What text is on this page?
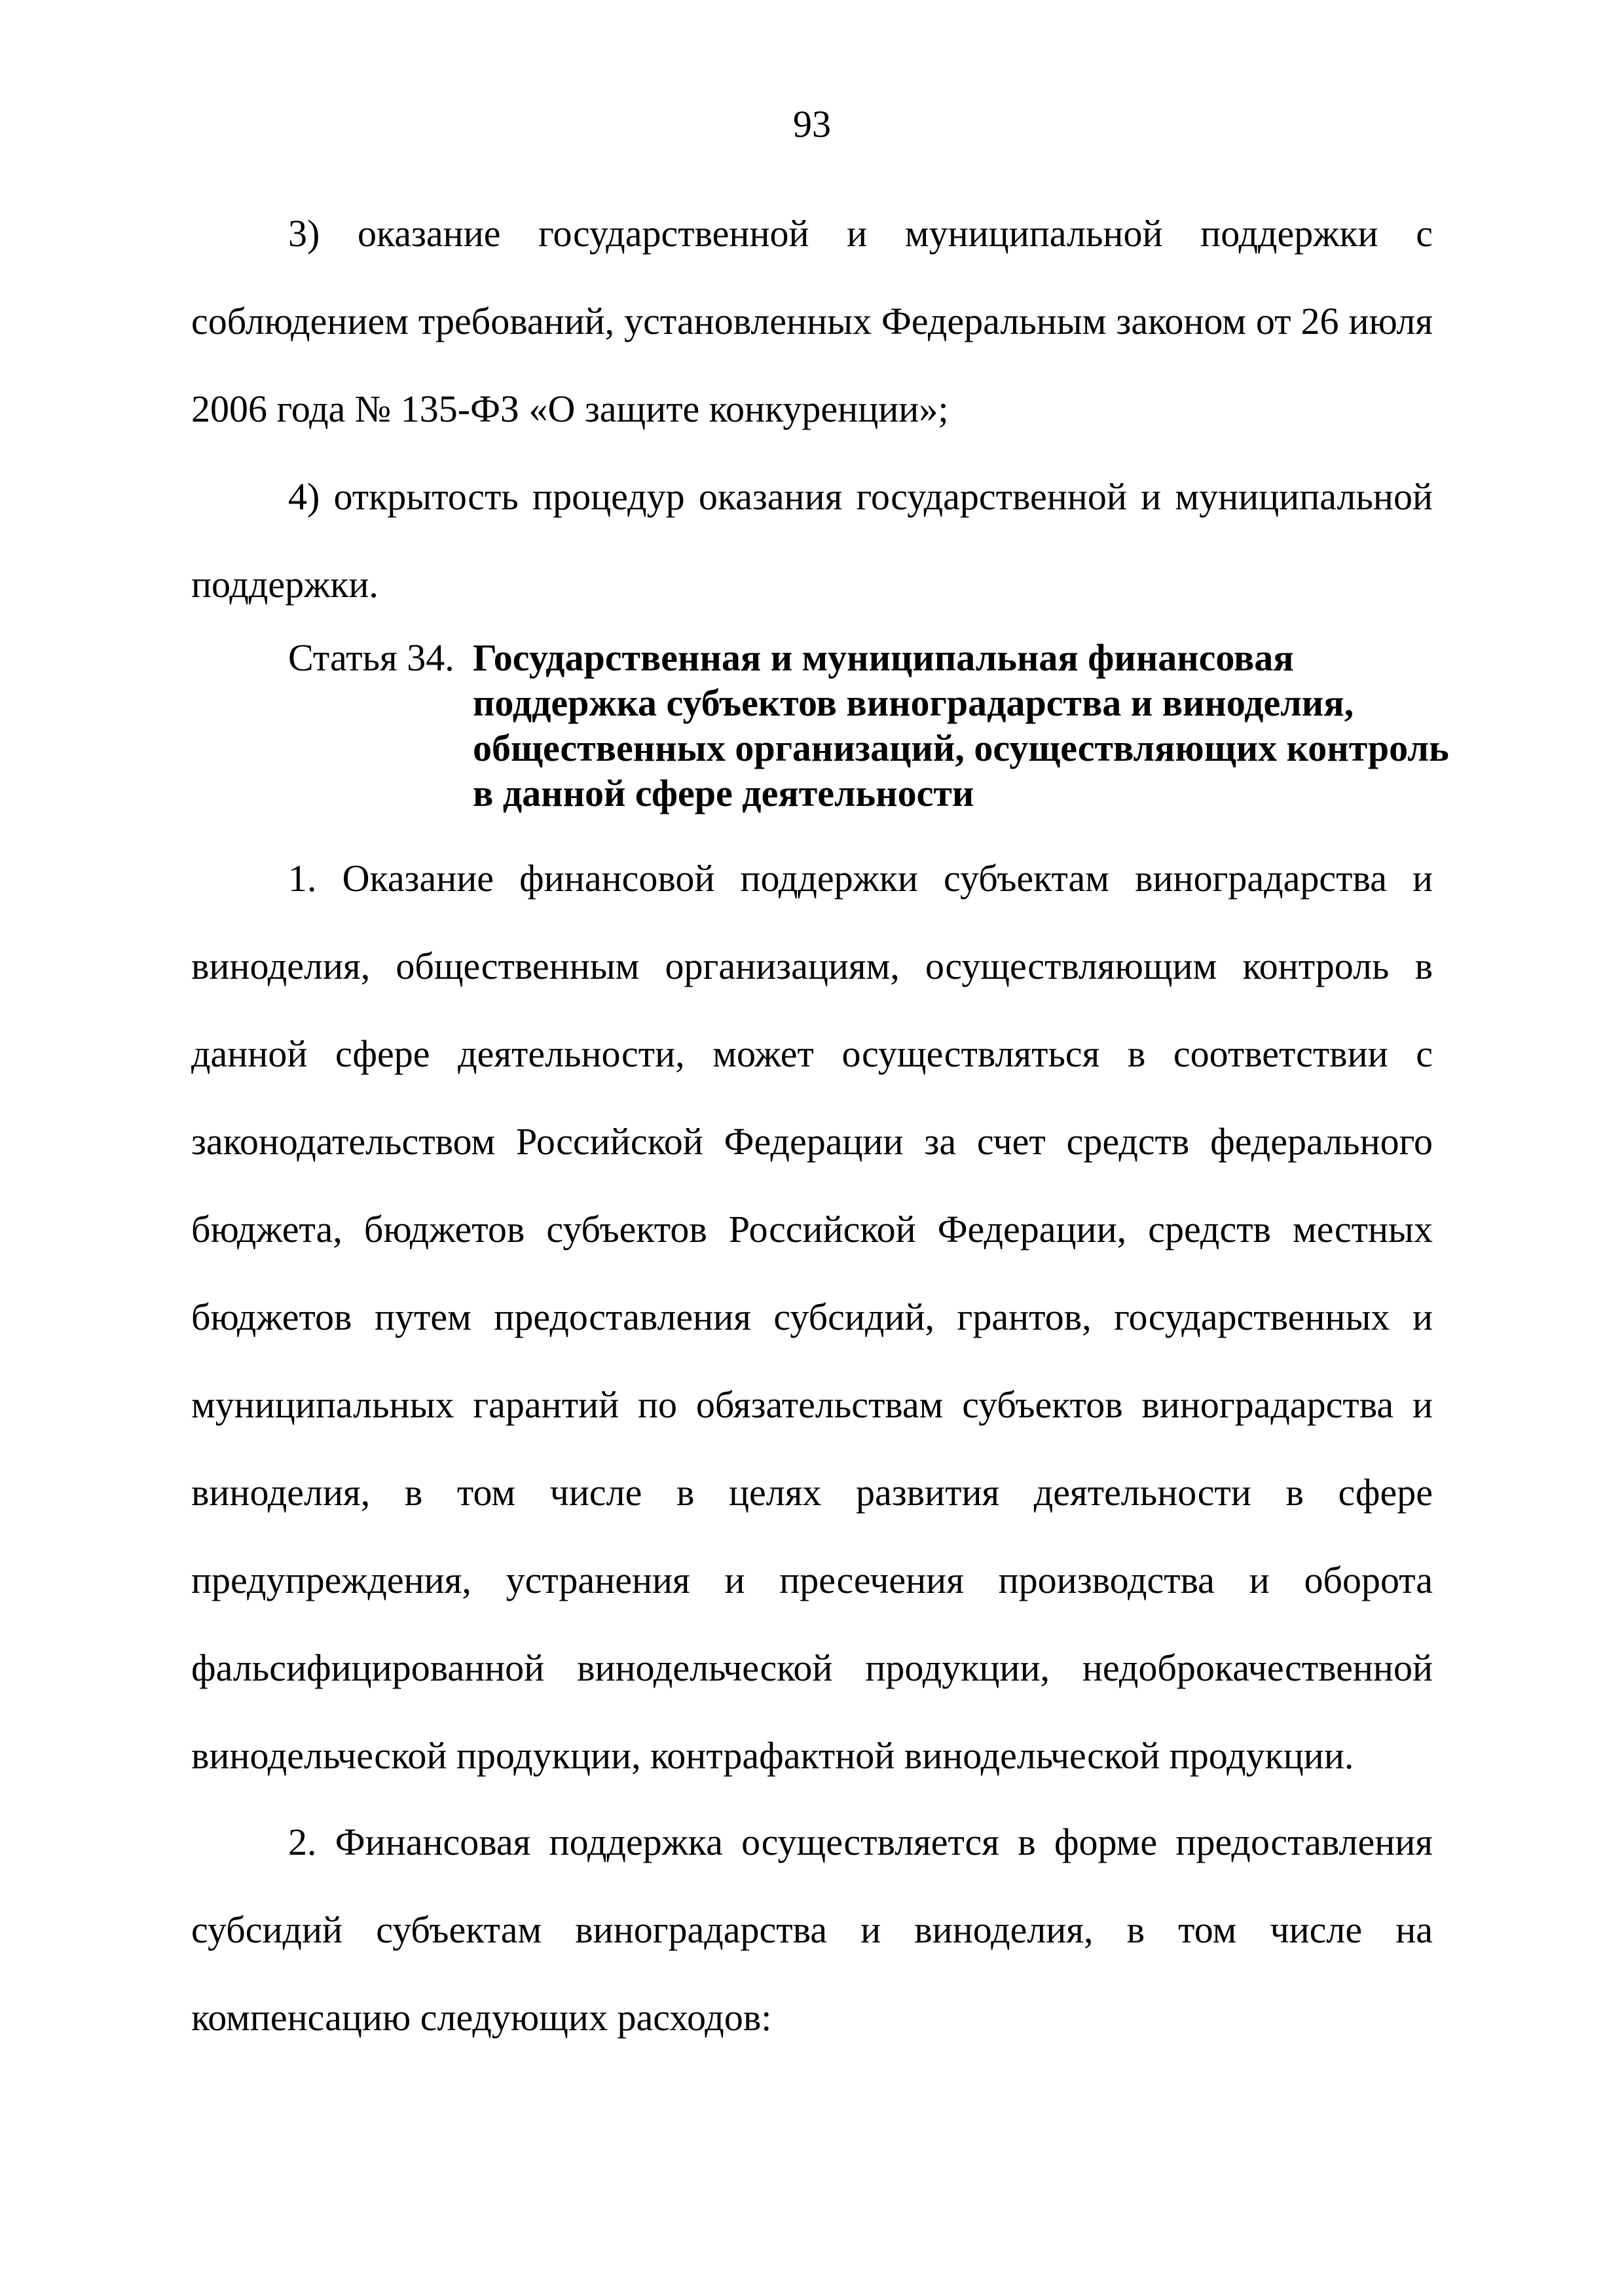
93

3) оказание государственной и муниципальной поддержки с соблюдением требований, установленных Федеральным законом от 26 июля 2006 года № 135-ФЗ «О защите конкуренции»;

4) открытость процедур оказания государственной и муниципальной поддержки.

Статья 34. Государственная и муниципальная финансовая поддержка субъектов виноградарства и виноделия, общественных организаций, осуществляющих контроль в данной сфере деятельности

1. Оказание финансовой поддержки субъектам виноградарства и виноделия, общественным организациям, осуществляющим контроль в данной сфере деятельности, может осуществляться в соответствии с законодательством Российской Федерации за счет средств федерального бюджета, бюджетов субъектов Российской Федерации, средств местных бюджетов путем предоставления субсидий, грантов, государственных и муниципальных гарантий по обязательствам субъектов виноградарства и виноделия, в том числе в целях развития деятельности в сфере предупреждения, устранения и пресечения производства и оборота фальсифицированной винодельческой продукции, недоброкачественной винодельческой продукции, контрафактной винодельческой продукции.

2. Финансовая поддержка осуществляется в форме предоставления субсидий субъектам виноградарства и виноделия, в том числе на компенсацию следующих расходов:
